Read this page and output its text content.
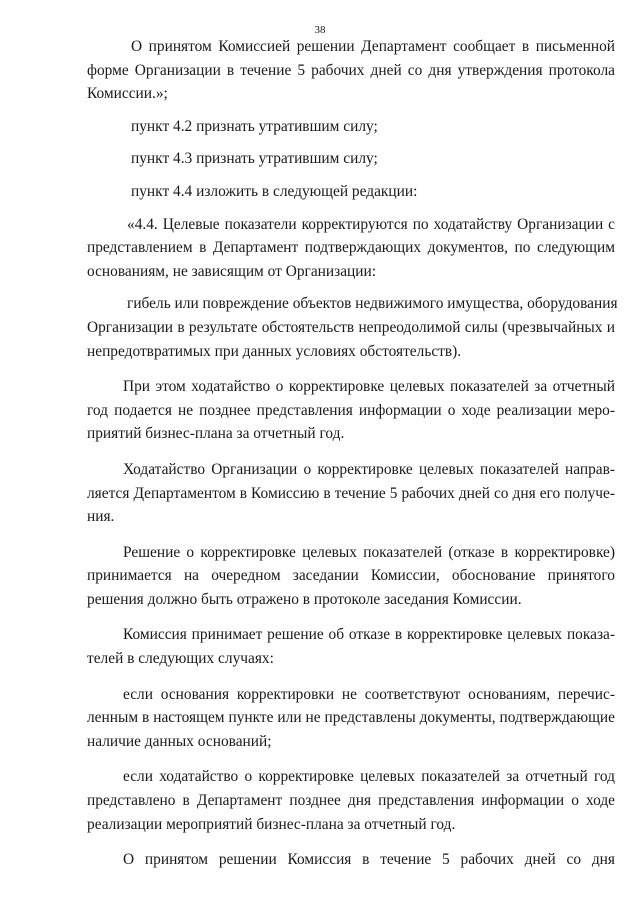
38
О принятом Комиссией решении Департамент сообщает в письменной
форме Организации в течение 5 рабочих дней со дня утверждения протокола
Комиссии.»;
пункт 4.2 признать утратившим силу;
пункт 4.3 признать утратившим силу;
пункт 4.4 изложить в следующей редакции:
«4.4. Целевые показатели корректируются по ходатайству Организации с
представлением в Департамент подтверждающих документов, по следующим
основаниям, не зависящим от Организации:
гибель или повреждение объектов недвижимого имущества, оборудования
Организации в результате обстоятельств непреодолимой силы (чрезвычайных и
непредотвратимых при данных условиях обстоятельств).
При этом ходатайство о корректировке целевых показателей за отчетный
год подается не позднее представления информации о ходе реализации меро-
приятий бизнес-плана за отчетный год.
Ходатайство Организации о корректировке целевых показателей направ-
ляется Департаментом в Комиссию в течение 5 рабочих дней со дня его получе-
ния.
Решение о корректировке целевых показателей (отказе в корректировке)
принимается на очередном заседании Комиссии, обоснование принятого
решения должно быть отражено в протоколе заседания Комиссии.
Комиссия принимает решение об отказе в корректировке целевых показа-
телей в следующих случаях:
если основания корректировки не соответствуют основаниям, перечис-
ленным в настоящем пункте или не представлены документы, подтверждающие
наличие данных оснований;
если ходатайство о корректировке целевых показателей за отчетный год
представлено в Департамент позднее дня представления информации о ходе
реализации мероприятий бизнес-плана за отчетный год.
О принятом решении Комиссия в течение 5 рабочих дней со дня
